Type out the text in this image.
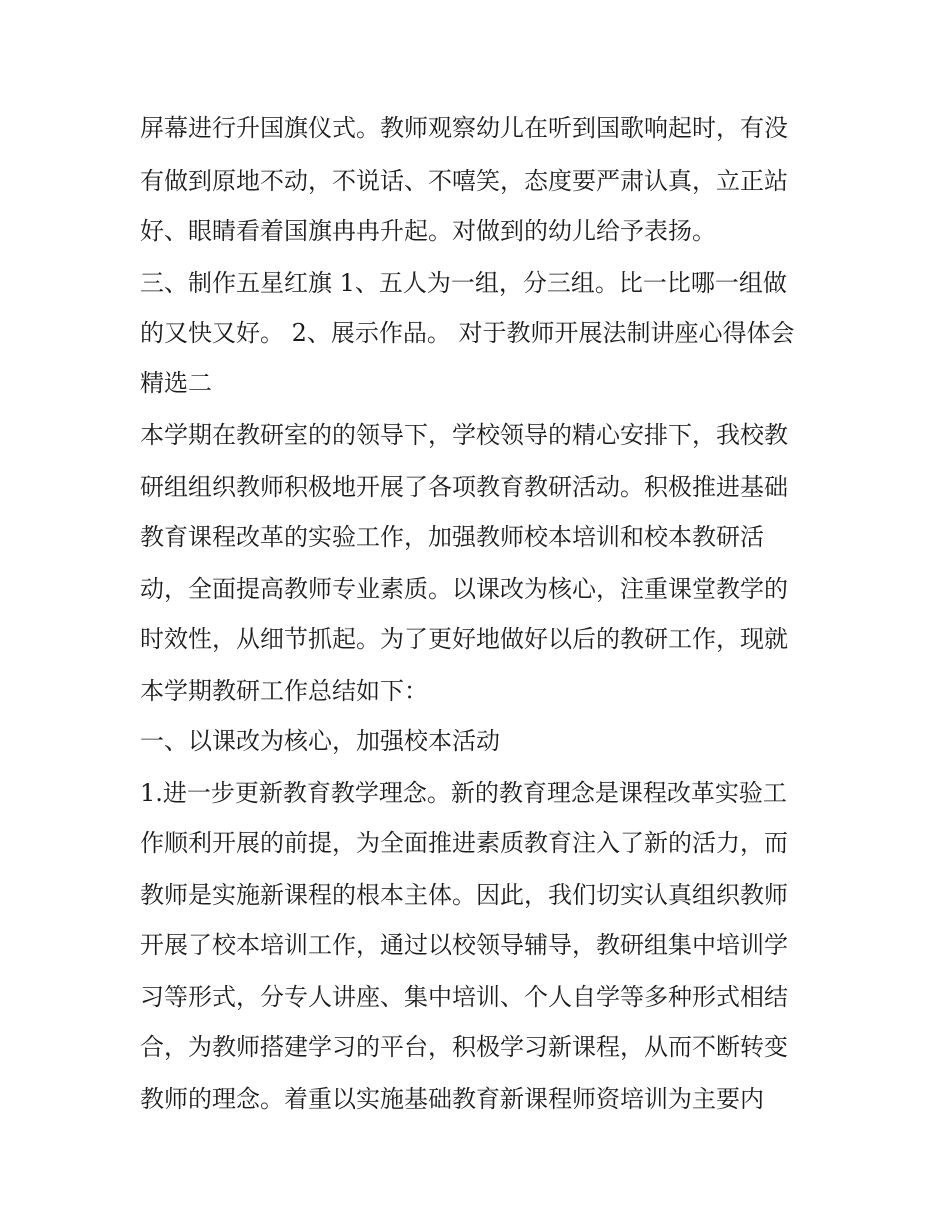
屏幕进行升国旗仪式。教师观察幼儿在听到国歌响起时，有没
有做到原地不动，不说话、不嘻笑，态度要严肃认真，立正站
好、眼睛看着国旗冉冉升起。对做到的幼儿给予表扬。
三、制作五星红旗 1、五人为一组，分三组。比一比哪一组做
的又快又好。 2、展示作品。 对于教师开展法制讲座心得体会
精选二
本学期在教研室的的领导下，学校领导的精心安排下，我校教
研组组织教师积极地开展了各项教育教研活动。积极推进基础
教育课程改革的实验工作，加强教师校本培训和校本教研活
动，全面提高教师专业素质。以课改为核心，注重课堂教学的
时效性，从细节抓起。为了更好地做好以后的教研工作，现就
本学期教研工作总结如下：
一、以课改为核心，加强校本活动
1.进一步更新教育教学理念。新的教育理念是课程改革实验工
作顺利开展的前提，为全面推进素质教育注入了新的活力，而
教师是实施新课程的根本主体。因此，我们切实认真组织教师
开展了校本培训工作，通过以校领导辅导，教研组集中培训学
习等形式，分专人讲座、集中培训、个人自学等多种形式相结
合，为教师搭建学习的平台，积极学习新课程，从而不断转变
教师的理念。着重以实施基础教育新课程师资培训为主要内
